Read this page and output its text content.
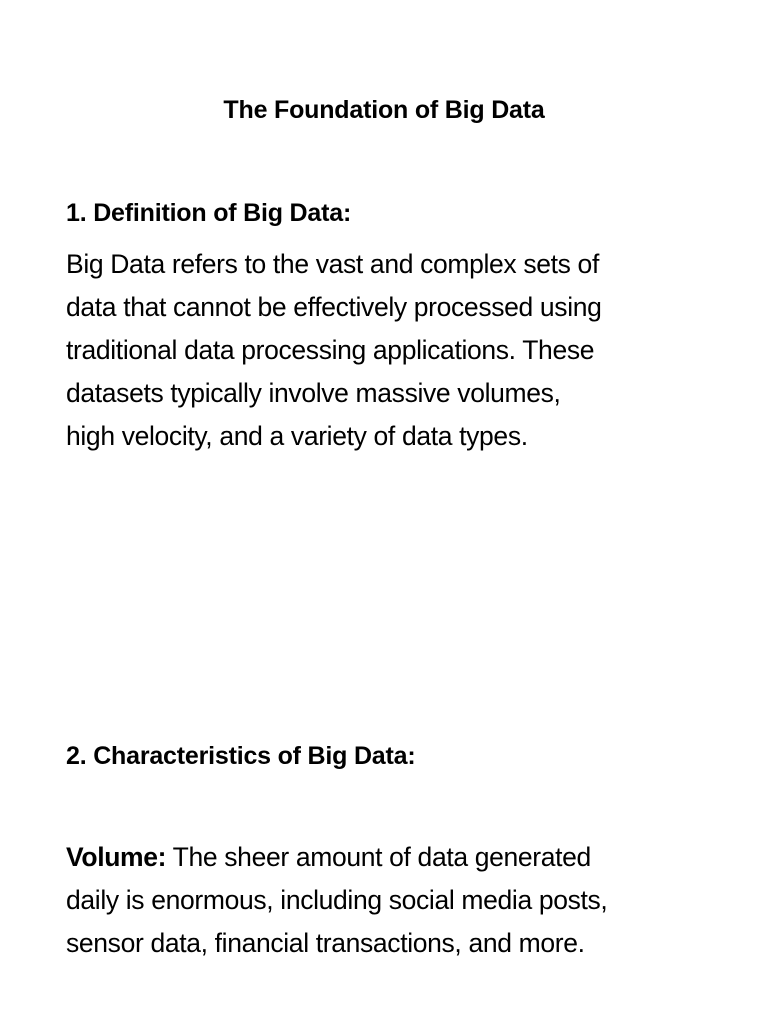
The Foundation of Big Data
1. Definition of Big Data:

Big Data refers to the vast and complex sets of
data that cannot be effectively processed using
traditional data processing applications. These
datasets typically involve massive volumes,
high velocity, and a variety of data types.

2. Characteristics of Big Data:

Volume: The sheer amount of data generated
daily is enormous, including social media posts,
sensor data, financial transactions, and more.
